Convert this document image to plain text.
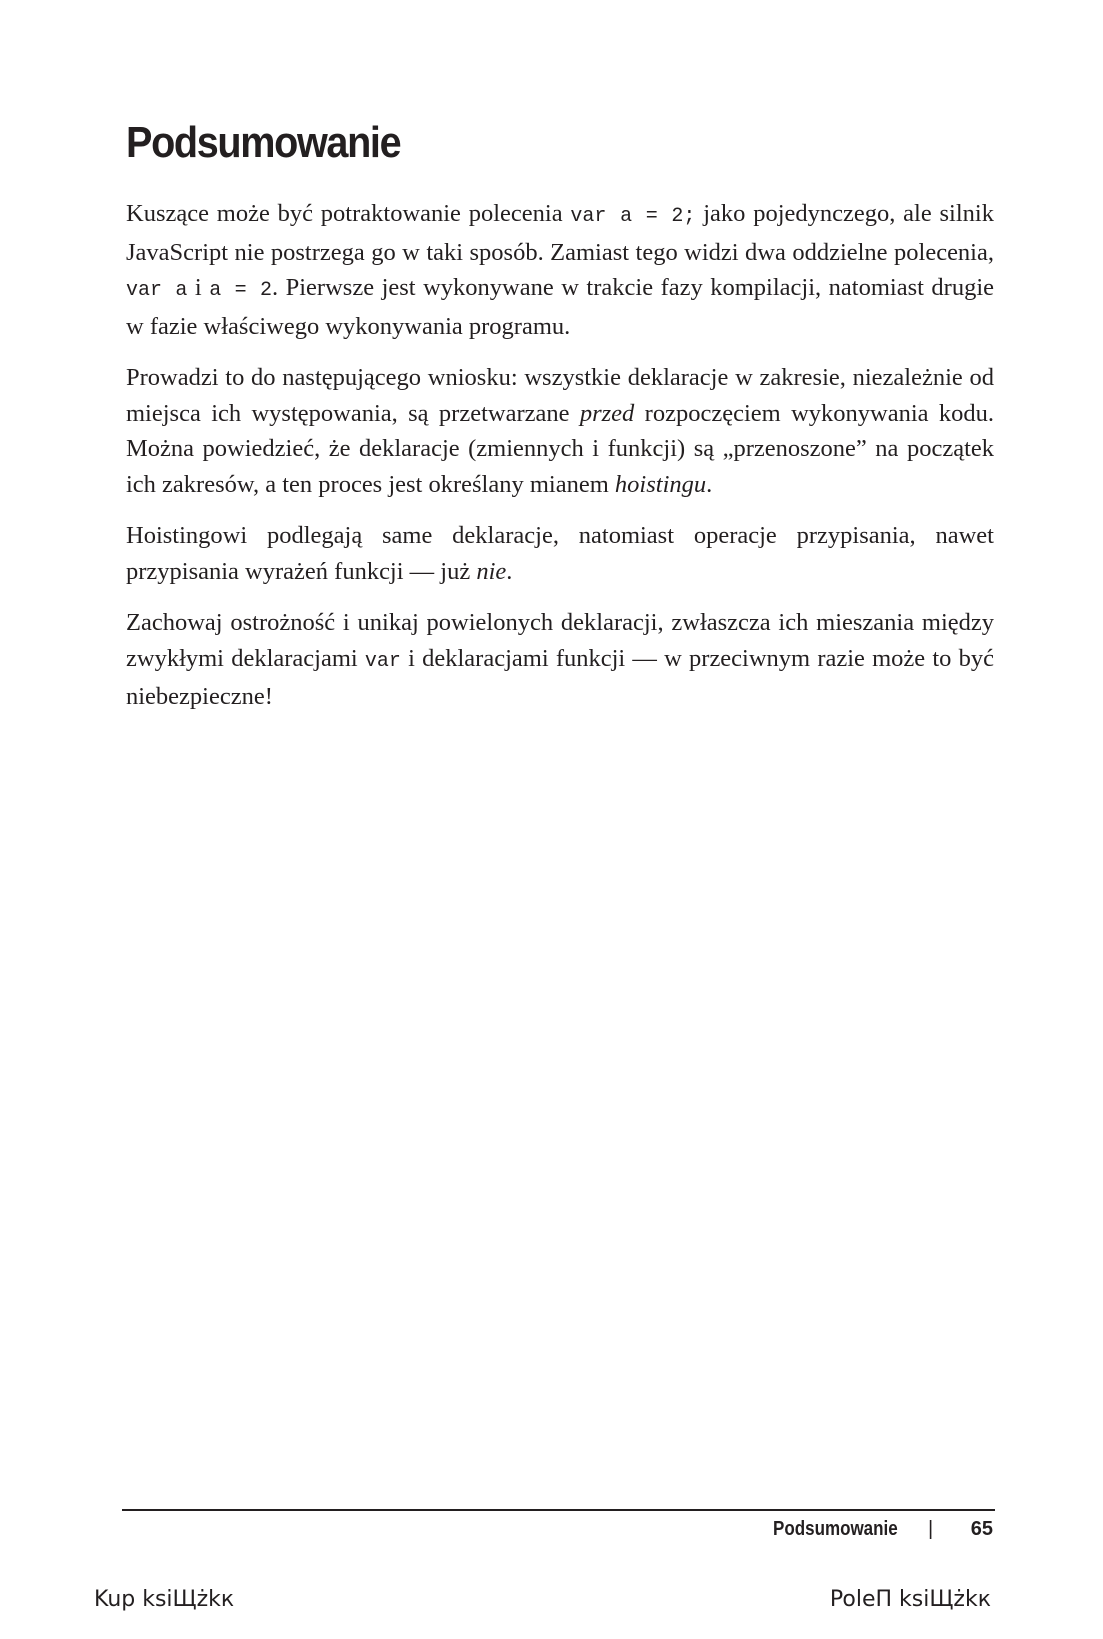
Podsumowanie

Kuszące może być potraktowanie polecenia var a = 2; jako pojedynczego, ale silnik JavaScript nie postrzega go w taki sposób. Zamiast tego widzi dwa oddzielne polecenia, var a i a = 2. Pierwsze jest wykonywane w trakcie fazy kompilacji, natomiast drugie w fazie właściwego wykonywania programu.

Prowadzi to do następującego wniosku: wszystkie deklaracje w zakresie, niezależnie od miejsca ich występowania, są przetwarzane przed rozpoczęciem wykonywania kodu. Można powiedzieć, że deklaracje (zmiennych i funkcji) są „przenoszone” na początek ich zakresów, a ten proces jest określany mianem hoistingu.

Hoistingowi podlegają same deklaracje, natomiast operacje przypisania, nawet przypisania wyrażeń funkcji — już nie.

Zachowaj ostrożność i unikaj powielonych deklaracji, zwłaszcza ich mieszania między zwykłymi deklaracjami var i deklaracjami funkcji — w przeciwnym razie może to być niebezpieczne!

Podsumowanie | 65
Kup ksiЩżkк	PoleП ksiЩżkк
